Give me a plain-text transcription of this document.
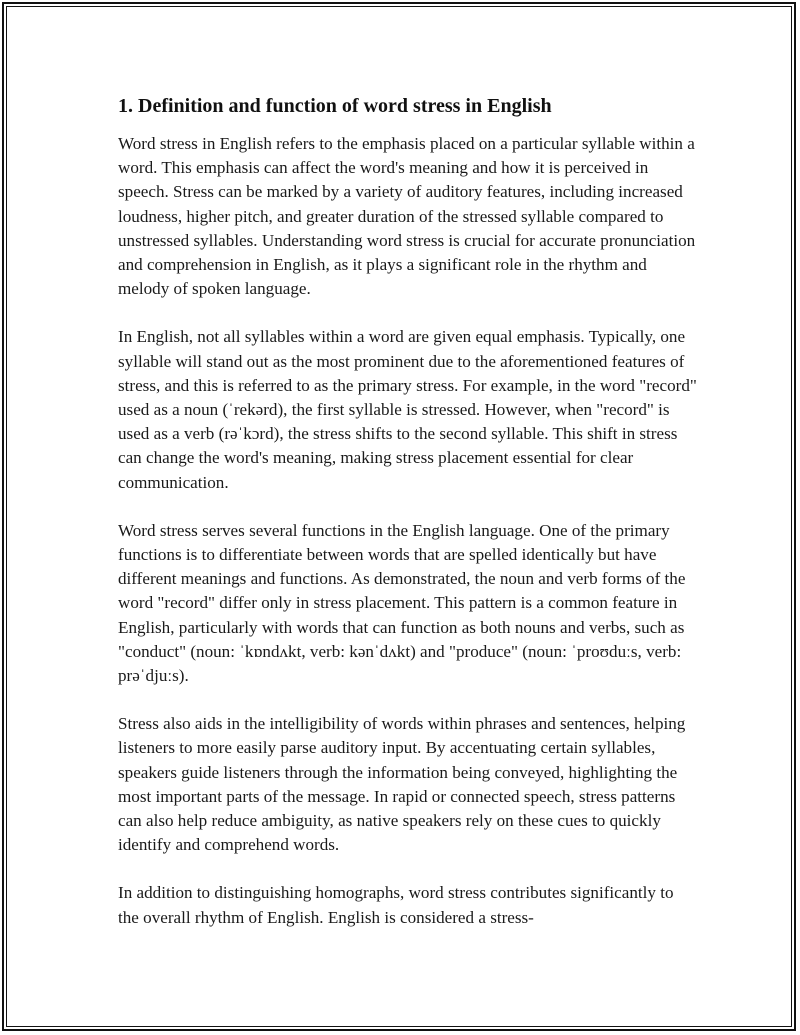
1. Definition and function of word stress in English

Word stress in English refers to the emphasis placed on a particular syllable within a word. This emphasis can affect the word's meaning and how it is perceived in speech. Stress can be marked by a variety of auditory features, including increased loudness, higher pitch, and greater duration of the stressed syllable compared to unstressed syllables. Understanding word stress is crucial for accurate pronunciation and comprehension in English, as it plays a significant role in the rhythm and melody of spoken language.

In English, not all syllables within a word are given equal emphasis. Typically, one syllable will stand out as the most prominent due to the aforementioned features of stress, and this is referred to as the primary stress. For example, in the word "record" used as a noun (ˈrekərd), the first syllable is stressed. However, when "record" is used as a verb (rəˈkɔrd), the stress shifts to the second syllable. This shift in stress can change the word's meaning, making stress placement essential for clear communication.

Word stress serves several functions in the English language. One of the primary functions is to differentiate between words that are spelled identically but have different meanings and functions. As demonstrated, the noun and verb forms of the word "record" differ only in stress placement. This pattern is a common feature in English, particularly with words that can function as both nouns and verbs, such as "conduct" (noun: ˈkɒndʌkt, verb: kənˈdʌkt) and "produce" (noun: ˈproʊduːs, verb: prəˈdjuːs).

Stress also aids in the intelligibility of words within phrases and sentences, helping listeners to more easily parse auditory input. By accentuating certain syllables, speakers guide listeners through the information being conveyed, highlighting the most important parts of the message. In rapid or connected speech, stress patterns can also help reduce ambiguity, as native speakers rely on these cues to quickly identify and comprehend words.

In addition to distinguishing homographs, word stress contributes significantly to the overall rhythm of English. English is considered a stress-
